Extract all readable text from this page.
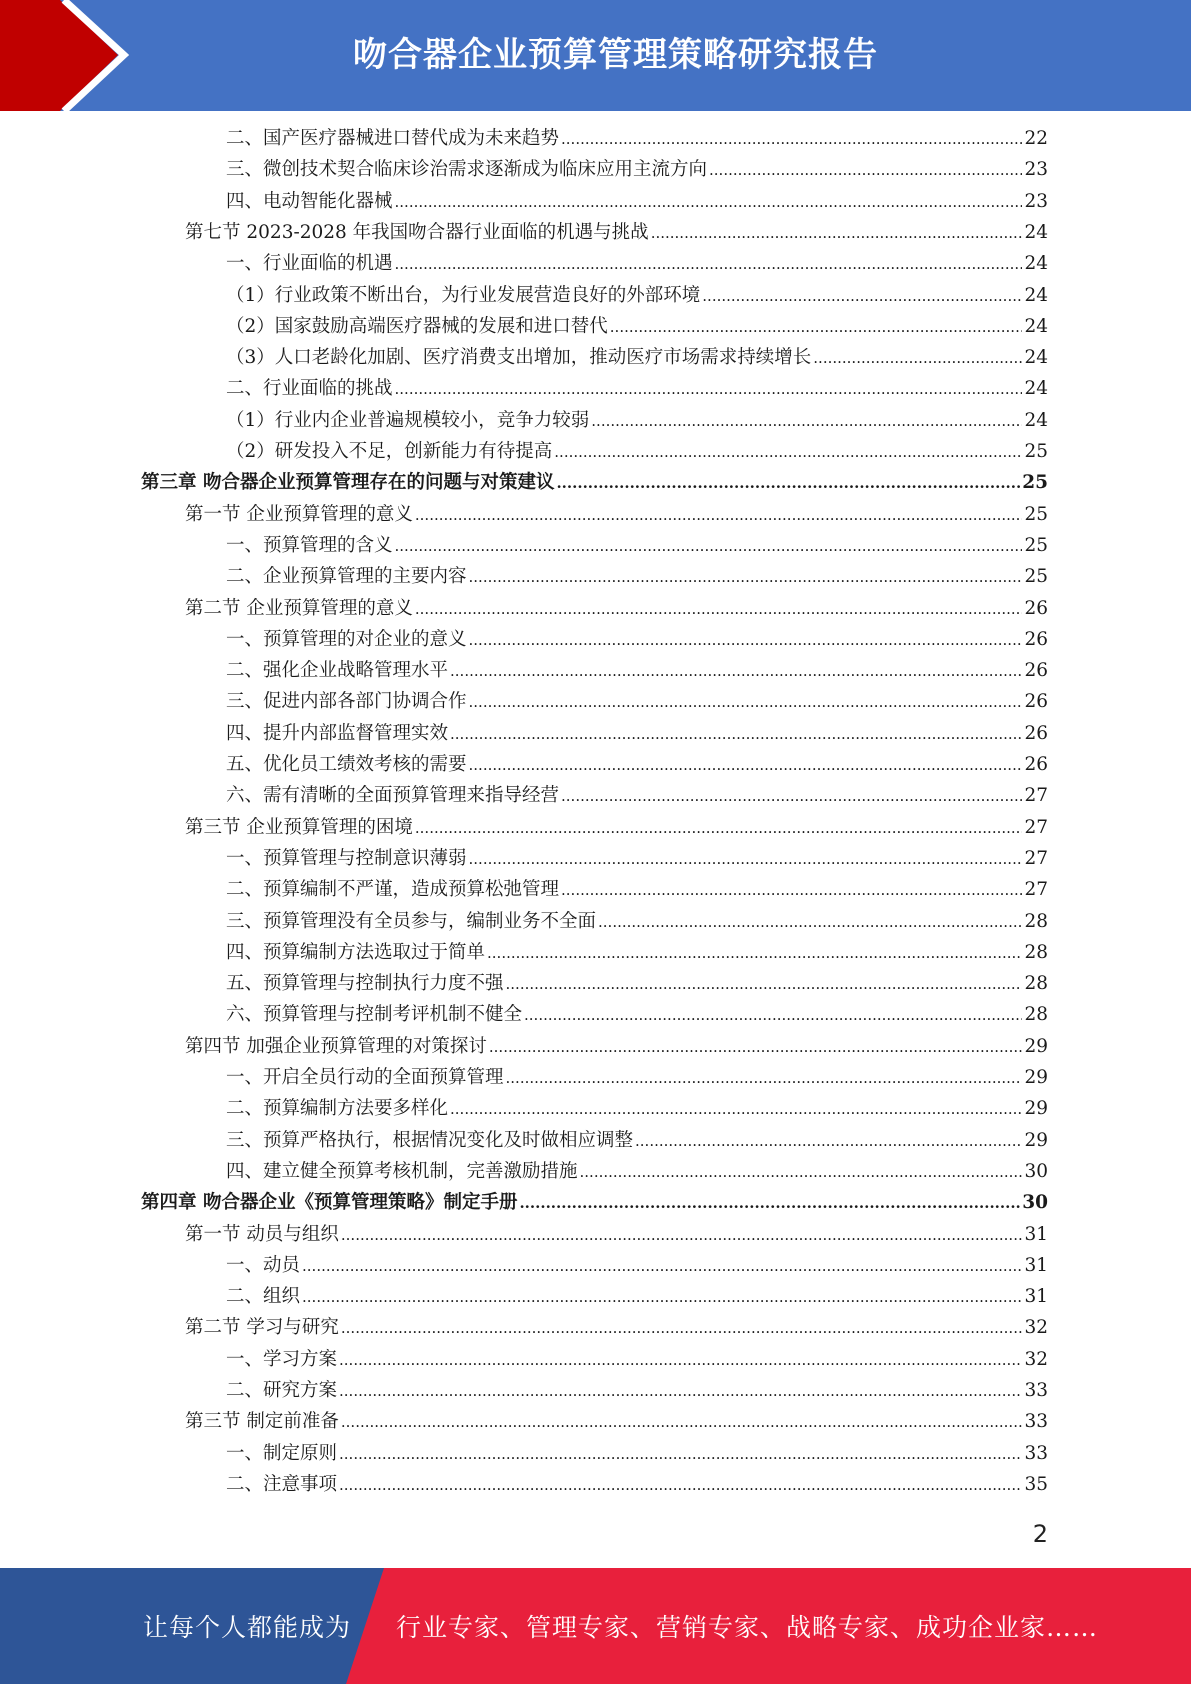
吻合器企业预算管理策略研究报告
二、国产医疗器械进口替代成为未来趋势 .....	22
三、微创技术契合临床诊治需求逐渐成为临床应用主流方向 .....	23
四、电动智能化器械 .....	23
第七节 2023-2028 年我国吻合器行业面临的机遇与挑战 .....	24
一、行业面临的机遇 .....	24
（1）行业政策不断出台，为行业发展营造良好的外部环境 .....	24
（2）国家鼓励高端医疗器械的发展和进口替代 .....	24
（3）人口老龄化加剧、医疗消费支出增加，推动医疗市场需求持续增长 .....	24
二、行业面临的挑战 .....	24
（1）行业内企业普遍规模较小，竞争力较弱 .....	24
（2）研发投入不足，创新能力有待提高 .....	25
第三章 吻合器企业预算管理存在的问题与对策建议 .....	25
第一节 企业预算管理的意义 .....	25
一、预算管理的含义 .....	25
二、企业预算管理的主要内容 .....	25
第二节 企业预算管理的意义 .....	26
一、预算管理的对企业的意义 .....	26
二、强化企业战略管理水平 .....	26
三、促进内部各部门协调合作 .....	26
四、提升内部监督管理实效 .....	26
五、优化员工绩效考核的需要 .....	26
六、需有清晰的全面预算管理来指导经营 .....	27
第三节 企业预算管理的困境 .....	27
一、预算管理与控制意识薄弱 .....	27
二、预算编制不严谨，造成预算松弛管理 .....	27
三、预算管理没有全员参与，编制业务不全面 .....	28
四、预算编制方法选取过于简单 .....	28
五、预算管理与控制执行力度不强 .....	28
六、预算管理与控制考评机制不健全 .....	28
第四节 加强企业预算管理的对策探讨 .....	29
一、开启全员行动的全面预算管理 .....	29
二、预算编制方法要多样化 .....	29
三、预算严格执行，根据情况变化及时做相应调整 .....	29
四、建立健全预算考核机制，完善激励措施 .....	30
第四章 吻合器企业《预算管理策略》制定手册 .....	30
第一节 动员与组织 .....	31
一、动员 .....	31
二、组织 .....	31
第二节 学习与研究 .....	32
一、学习方案 .....	32
二、研究方案 .....	33
第三节 制定前准备 .....	33
一、制定原则 .....	33
二、注意事项 .....	35
2
让每个人都能成为 行业专家、管理专家、营销专家、战略专家、成功企业家……
